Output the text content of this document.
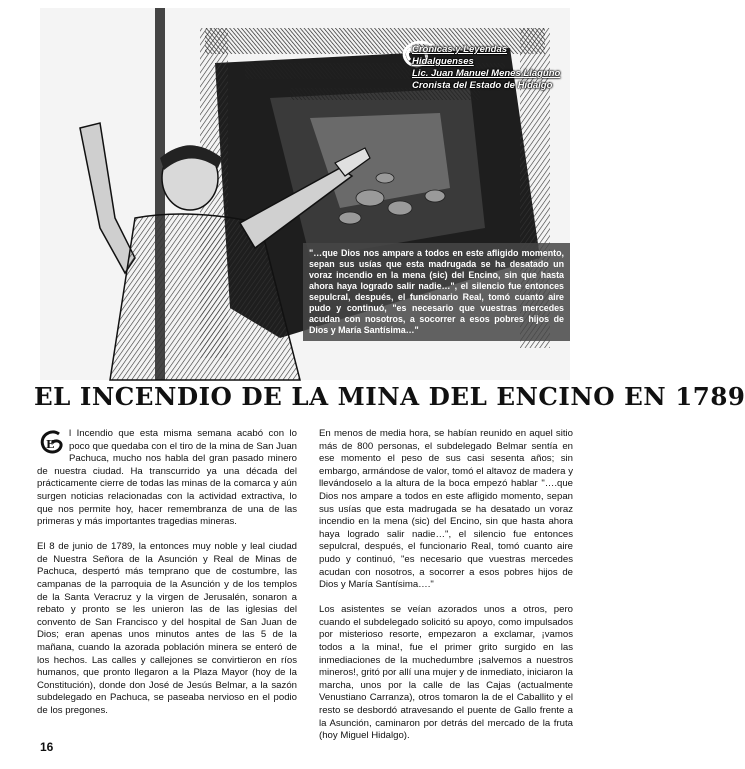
Crónicas y Leyendas Hidalguenses
Lic. Juan Manuel Menes Llaguno
Cronista del Estado de Hidalgo
"…que Dios nos ampare a todos en este afligido momento, sepan sus usías que esta madrugada se ha desatado un voraz incendio en la mena (sic) del Encino, sin que hasta ahora haya logrado salir nadie…", el silencio fue entonces sepulcral, después, el funcionario Real, tomó cuanto aire pudo y continuó, "es necesario que vuestras mercedes acudan con nosotros, a socorrer a esos pobres hijos de Dios y María Santísima…"
EL INCENDIO DE LA MINA DEL ENCINO EN 1789

E
l Incendio que esta misma semana acabó con lo poco que quedaba con el tiro de la mina de San Juan Pachuca, mucho nos habla del gran pasado minero de nuestra ciudad. Ha transcurrido ya una década del prácticamente cierre de todas las minas de la comarca y aún surgen noticias relacionadas con la actividad extractiva, lo que nos permite hoy, hacer remembranza de una de las primeras y más importantes tragedias mineras.

El 8 de junio de 1789, la entonces muy noble y leal ciudad de Nuestra Señora de la Asunción y Real de Minas de Pachuca, despertó más temprano que de costumbre, las campanas de la parroquia de la Asunción y de los templos de la Santa Veracruz y la virgen de Jerusalén, sonaron a rebato y pronto se les unieron las de las iglesias del convento de San Francisco y del hospital de San Juan de Dios; eran apenas unos minutos antes de las 5 de la mañana, cuando la azorada población minera se enteró de los hechos. Las calles y callejones se convirtieron en ríos humanos, que pronto llegaron a la Plaza Mayor (hoy de la Constitución), donde don José de Jesús Belmar, a la sazón subdelegado en Pachuca, se paseaba nervioso en el podio de los pregones.

En menos de media hora, se habían reunido en aquel sitio más de 800 personas, el subdelegado Belmar sentía en ese momento el peso de sus casi sesenta años; sin embargo, armándose de valor, tomó el altavoz de madera y llevándoselo a la altura de la boca empezó hablar "….que Dios nos ampare a todos en este afligido momento, sepan sus usías que esta madrugada se ha desatado un voraz incendio en la mena (sic) del Encino, sin que hasta ahora haya logrado salir nadie…", el silencio fue entonces sepulcral, después, el funcionario Real, tomó cuanto aire pudo y continuó, "es necesario que vuestras mercedes acudan con nosotros, a socorrer a esos pobres hijos de Dios y María Santísima…."

Los asistentes se veían azorados unos a otros, pero cuando el subdelegado solicitó su apoyo, como impulsados por misterioso resorte, empezaron a exclamar, ¡vamos todos a la mina!, fue el primer grito surgido en las inmediaciones de la muchedumbre ¡salvemos a nuestros mineros!, gritó por allí una mujer y de inmediato, iniciaron la marcha, unos por la calle de las Cajas (actualmente Venustiano Carranza), otros tomaron la de el Caballito y el resto se desbordó atravesando el puente de Gallo frente a la Asunción, caminaron por detrás del mercado de la fruta (hoy Miguel Hidalgo).

16
